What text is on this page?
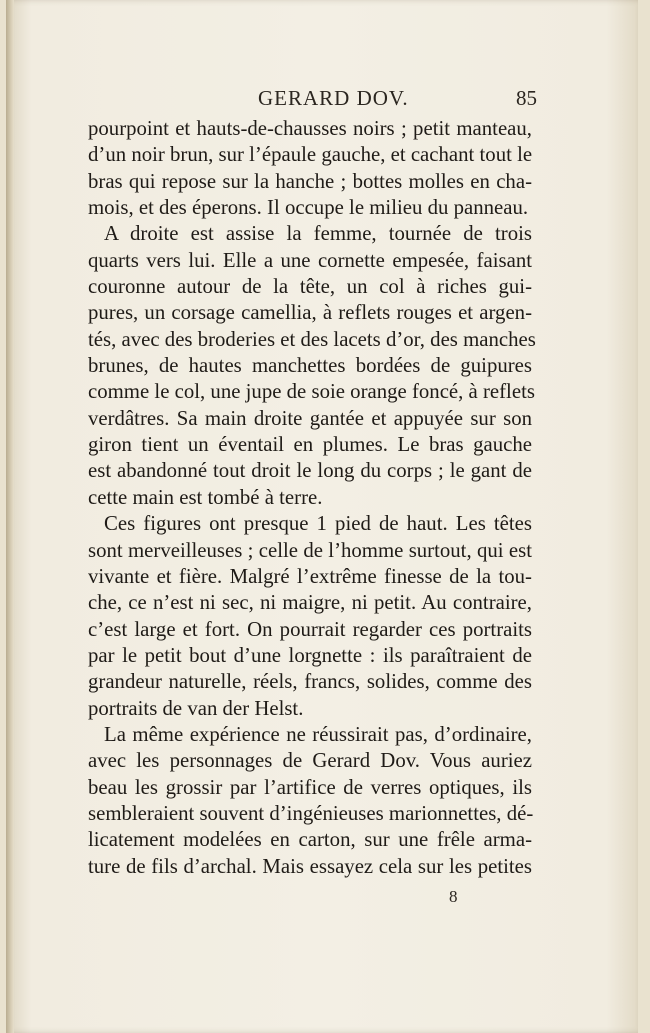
GERARD DOV.	85
pourpoint et hauts-de-chausses noirs ; petit manteau,
d’un noir brun, sur l’épaule gauche, et cachant tout le
bras qui repose sur la hanche ; bottes molles en cha-
mois, et des éperons. Il occupe le milieu du panneau.
A droite est assise la femme, tournée de trois
quarts vers lui. Elle a une cornette empesée, faisant
couronne autour de la tête, un col à riches gui-
pures, un corsage camellia, à reflets rouges et argen-
tés, avec des broderies et des lacets d’or, des manches
brunes, de hautes manchettes bordées de guipures
comme le col, une jupe de soie orange foncé, à reflets
verdâtres. Sa main droite gantée et appuyée sur son
giron tient un éventail en plumes. Le bras gauche
est abandonné tout droit le long du corps ; le gant de
cette main est tombé à terre.
Ces figures ont presque 1 pied de haut. Les têtes
sont merveilleuses ; celle de l’homme surtout, qui est
vivante et fière. Malgré l’extrême finesse de la tou-
che, ce n’est ni sec, ni maigre, ni petit. Au contraire,
c’est large et fort. On pourrait regarder ces portraits
par le petit bout d’une lorgnette : ils paraîtraient de
grandeur naturelle, réels, francs, solides, comme des
portraits de van der Helst.
La même expérience ne réussirait pas, d’ordinaire,
avec les personnages de Gerard Dov. Vous auriez
beau les grossir par l’artifice de verres optiques, ils
sembleraient souvent d’ingénieuses marionnettes, dé-
licatement modelées en carton, sur une frêle arma-
ture de fils d’archal. Mais essayez cela sur les petites
8
